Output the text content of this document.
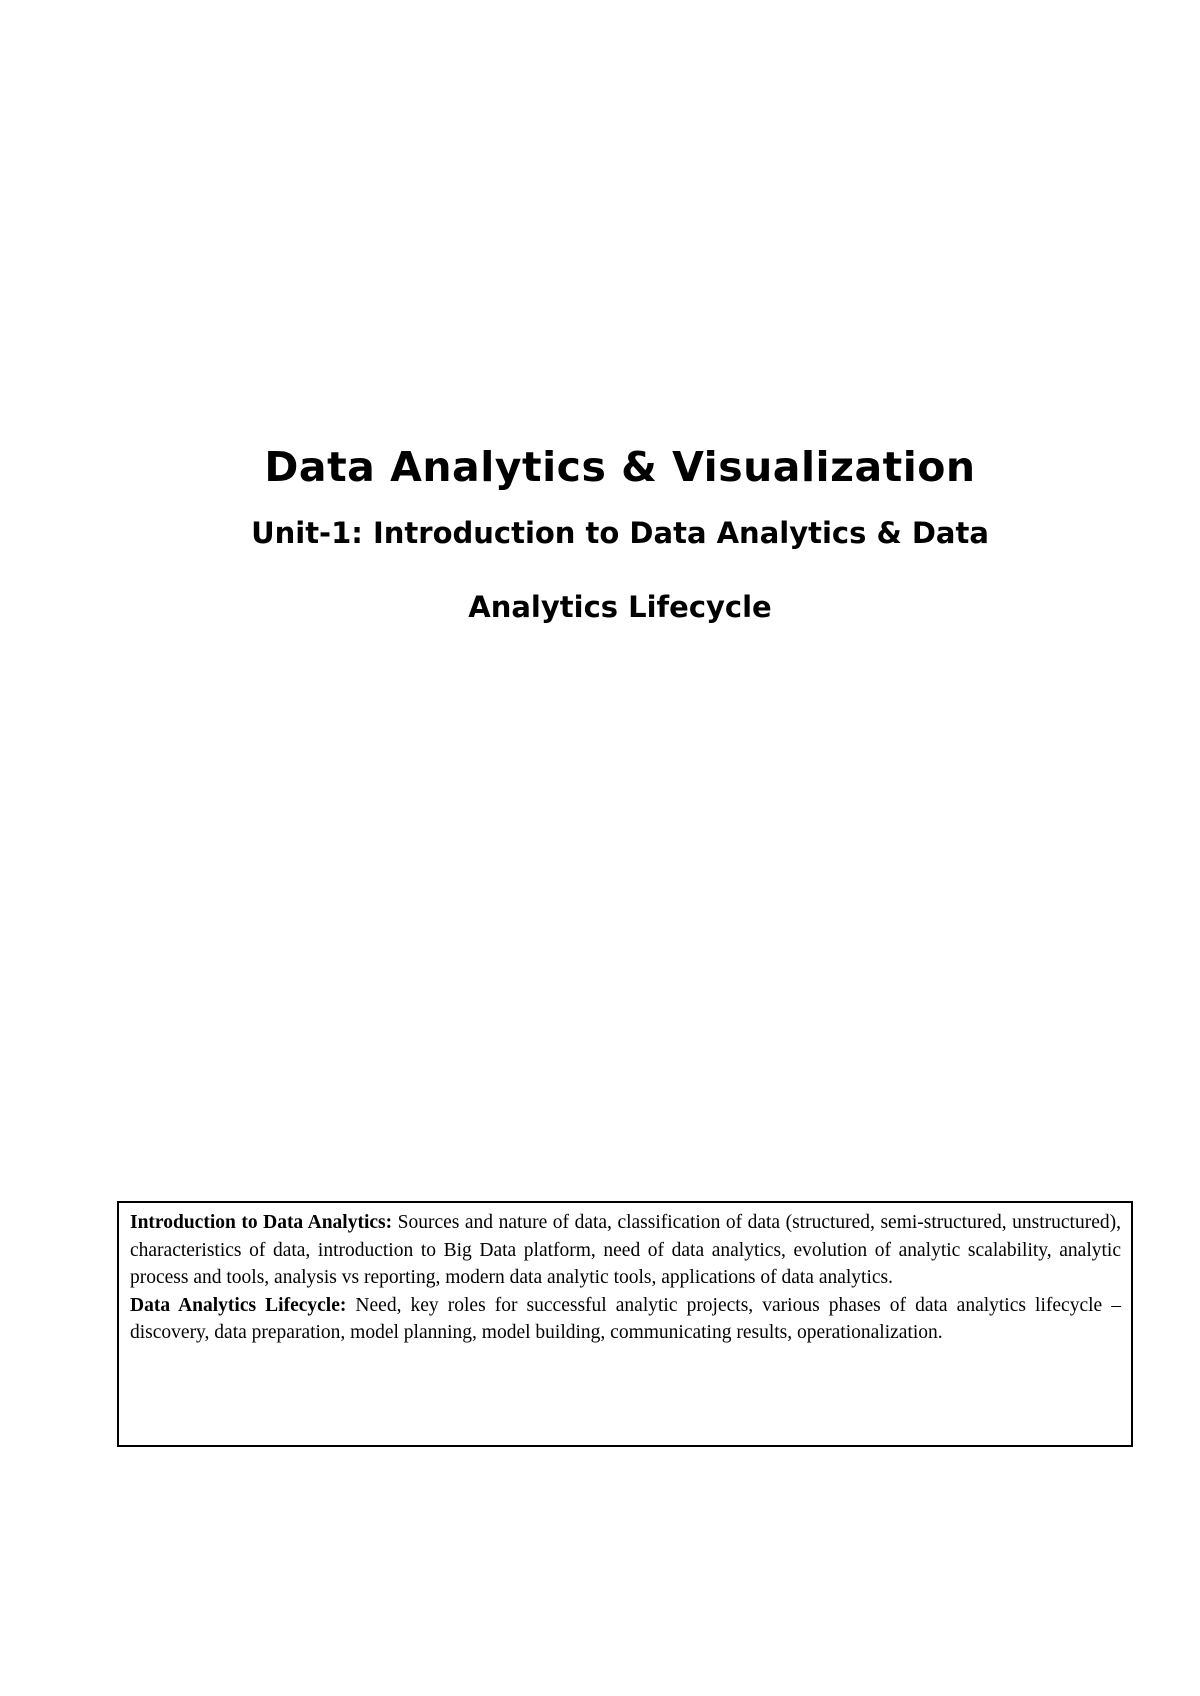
Data Analytics & Visualization
Unit-1: Introduction to Data Analytics & Data
Analytics Lifecycle

Introduction to Data Analytics: Sources and nature of data, classification of data (structured, semi-structured, unstructured), characteristics of data, introduction to Big Data platform, need of data analytics, evolution of analytic scalability, analytic process and tools, analysis vs reporting, modern data analytic tools, applications of data analytics.

Data Analytics Lifecycle: Need, key roles for successful analytic projects, various phases of data analytics lifecycle – discovery, data preparation, model planning, model building, communicating results, operationalization.
